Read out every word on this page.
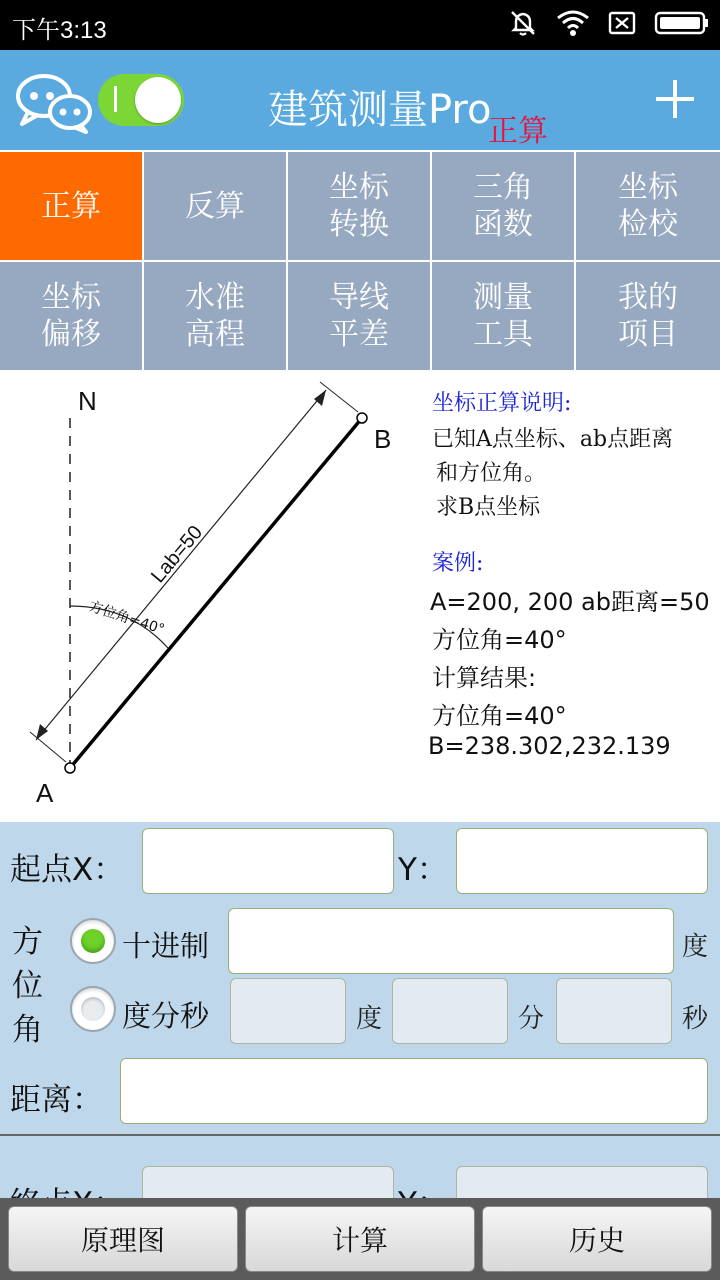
下午3:13
建筑测量Pro
正算
正算	反算
坐标
转换
三角
函数
坐标
检校
坐标
偏移
水准
高程
导线
平差
测量
工具
我的
项目
N
A
B
Lab=50
方位角=40°
坐标正算说明:
已知A点坐标、ab点距离
和方位角。
求B点坐标
案例:
A=200, 200 ab距离=50
方位角=40°
计算结果:
方位角=40°
B=238.302,232.139
起点X：	Y：
方
位
角
十进制	度
度分秒	度	分	秒
距离：
原理图	计算	历史
